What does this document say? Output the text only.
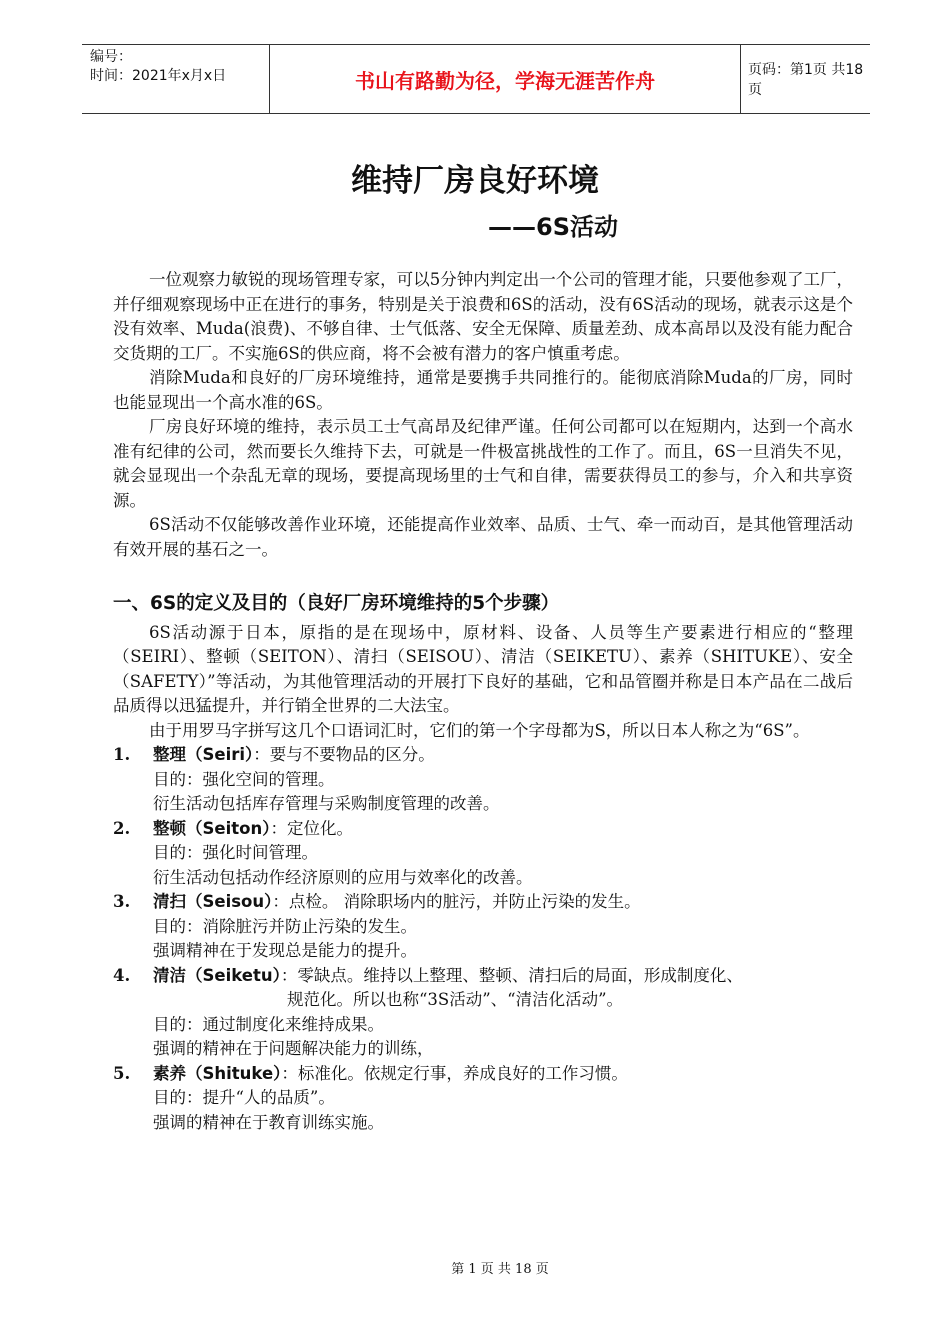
编号：
时间：2021年x月x日	书山有路勤为径，学海无涯苦作舟	页码：第1页 共18页
维持厂房良好环境
——6S活动

一位观察力敏锐的现场管理专家，可以5分钟内判定出一个公司的管理才能，只要他参观了工厂，并仔细观察现场中正在进行的事务，特别是关于浪费和6S的活动，没有6S活动的现场，就表示这是个没有效率、Muda(浪费)、不够自律、士气低落、安全无保障、质量差劲、成本高昂以及没有能力配合交货期的工厂。不实施6S的供应商，将不会被有潜力的客户慎重考虑。

消除Muda和良好的厂房环境维持，通常是要携手共同推行的。能彻底消除Muda的厂房，同时也能显现出一个高水准的6S。

厂房良好环境的维持，表示员工士气高昂及纪律严谨。任何公司都可以在短期内，达到一个高水准有纪律的公司，然而要长久维持下去，可就是一件极富挑战性的工作了。而且，6S一旦消失不见，就会显现出一个杂乱无章的现场，要提高现场里的士气和自律，需要获得员工的参与，介入和共享资源。

6S活动不仅能够改善作业环境，还能提高作业效率、品质、士气、牵一而动百，是其他管理活动有效开展的基石之一。

一、6S的定义及目的（良好厂房环境维持的5个步骤）

6S活动源于日本，原指的是在现场中，原材料、设备、人员等生产要素进行相应的“整理（SEIRI）、整顿（SEITON）、清扫（SEISOU）、清洁（SEIKETU）、素养（SHITUKE）、安全（SAFETY）”等活动，为其他管理活动的开展打下良好的基础，它和品管圈并称是日本产品在二战后品质得以迅猛提升，并行销全世界的二大法宝。

由于用罗马字拼写这几个口语词汇时，它们的第一个字母都为S，所以日本人称之为“6S”。

1. 整理（Seiri）：要与不要物品的区分。

目的：强化空间的管理。

衍生活动包括库存管理与采购制度管理的改善。

2. 整顿（Seiton）：定位化。

目的：强化时间管理。

衍生活动包括动作经济原则的应用与效率化的改善。

3. 清扫（Seisou）：点检。 消除职场内的脏污，并防止污染的发生。

目的：消除脏污并防止污染的发生。

强调精神在于发现总是能力的提升。

4. 清洁（Seiketu）：零缺点。维持以上整理、整顿、清扫后的局面，形成制度化、

规范化。所以也称“3S活动”、“清洁化活动”。

目的：通过制度化来维持成果。

强调的精神在于问题解决能力的训练，

5. 素养（Shituke）：标准化。依规定行事，养成良好的工作习惯。

目的：提升“人的品质”。

强调的精神在于教育训练实施。

第 1 页 共 18 页
